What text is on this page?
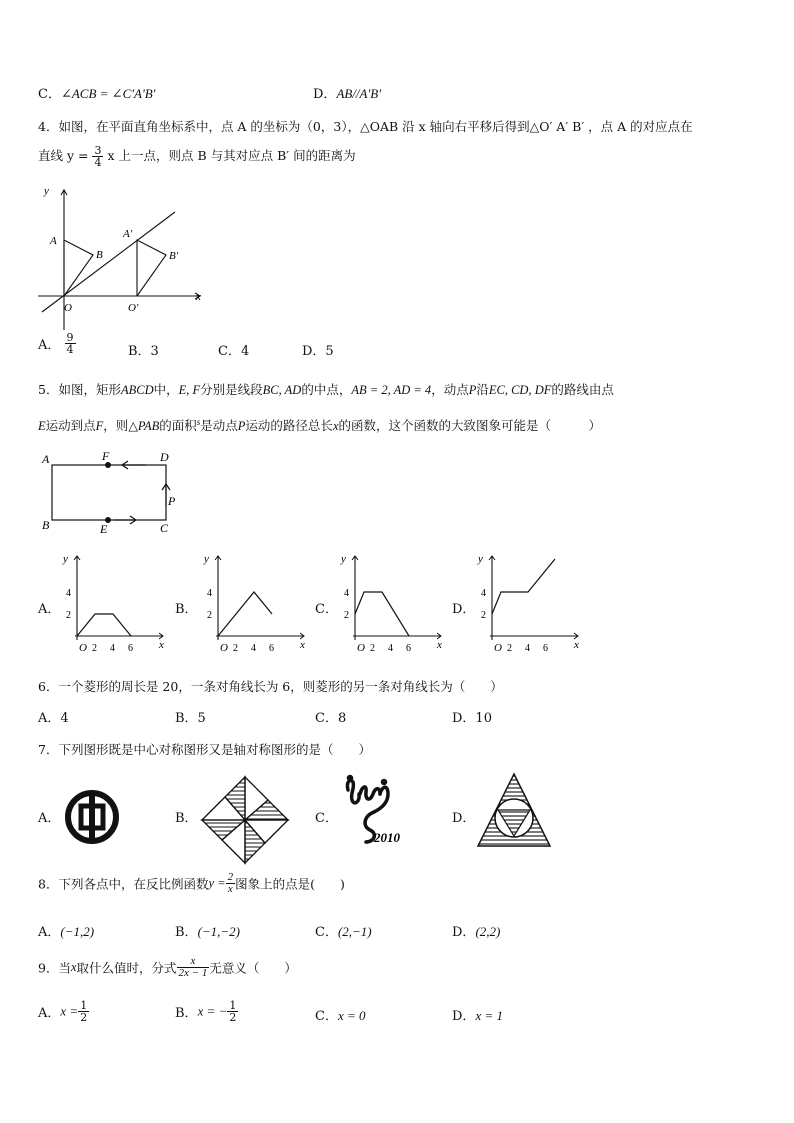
C．∠ACB = ∠C'A'B'	D．AB//A'B'
4．如图，在平面直角坐标系中，点 A 的坐标为（0，3），△OAB 沿 x 轴向右平移后得到△O′ A′ B′ ，点 A 的对应点在
直线 $y = \frac{3}{4}$ x 上一点，则点 B 与其对应点 B′ 间的距离为
y
A
B
A′
B′
O	O′
x
A． $\frac{9}{4}$	B．3	C．4	D．5
5．如图，矩形ABCD中，E, F分别是线段BC, AD的中点，AB = 2, AD = 4，动点P沿EC, CD, DF的路线由点
E运动到点F，则△PAB的面积$^s$是动点P运动的路径总长x的函数，这个函数的大致图象可能是（　　　）
A	F	D
P
B	E	C
A．	B．	C．	D．
y
x
O 2 4 6
2
4
y
x
O 2 4 6
2
4
y
x
O 2 4 6
2
4
y
x
O 2 4 6
2
4
6．一个菱形的周长是 20，一条对角线长为 6，则菱形的另一条对角线长为（　　）
A．4	B．5	C．8	D．10
7．下列图形既是中心对称图形又是轴对称图形的是（　　）
A．	B．	C．	D．
2010
8．下列各点中，在反比例函数$y = \frac{2}{x}$ 图象上的点是(　　)
A．(−1,2)	B．(−1,−2)	C．(2,−1)	D．(2,2)
9．当x取什么值时，分式 $\frac{x}{2x - 1}$ 无意义（　　）
A．$x = \frac{1}{2}$	B．x = − $\frac{1}{2}$	C．x = 0	D．x = 1
